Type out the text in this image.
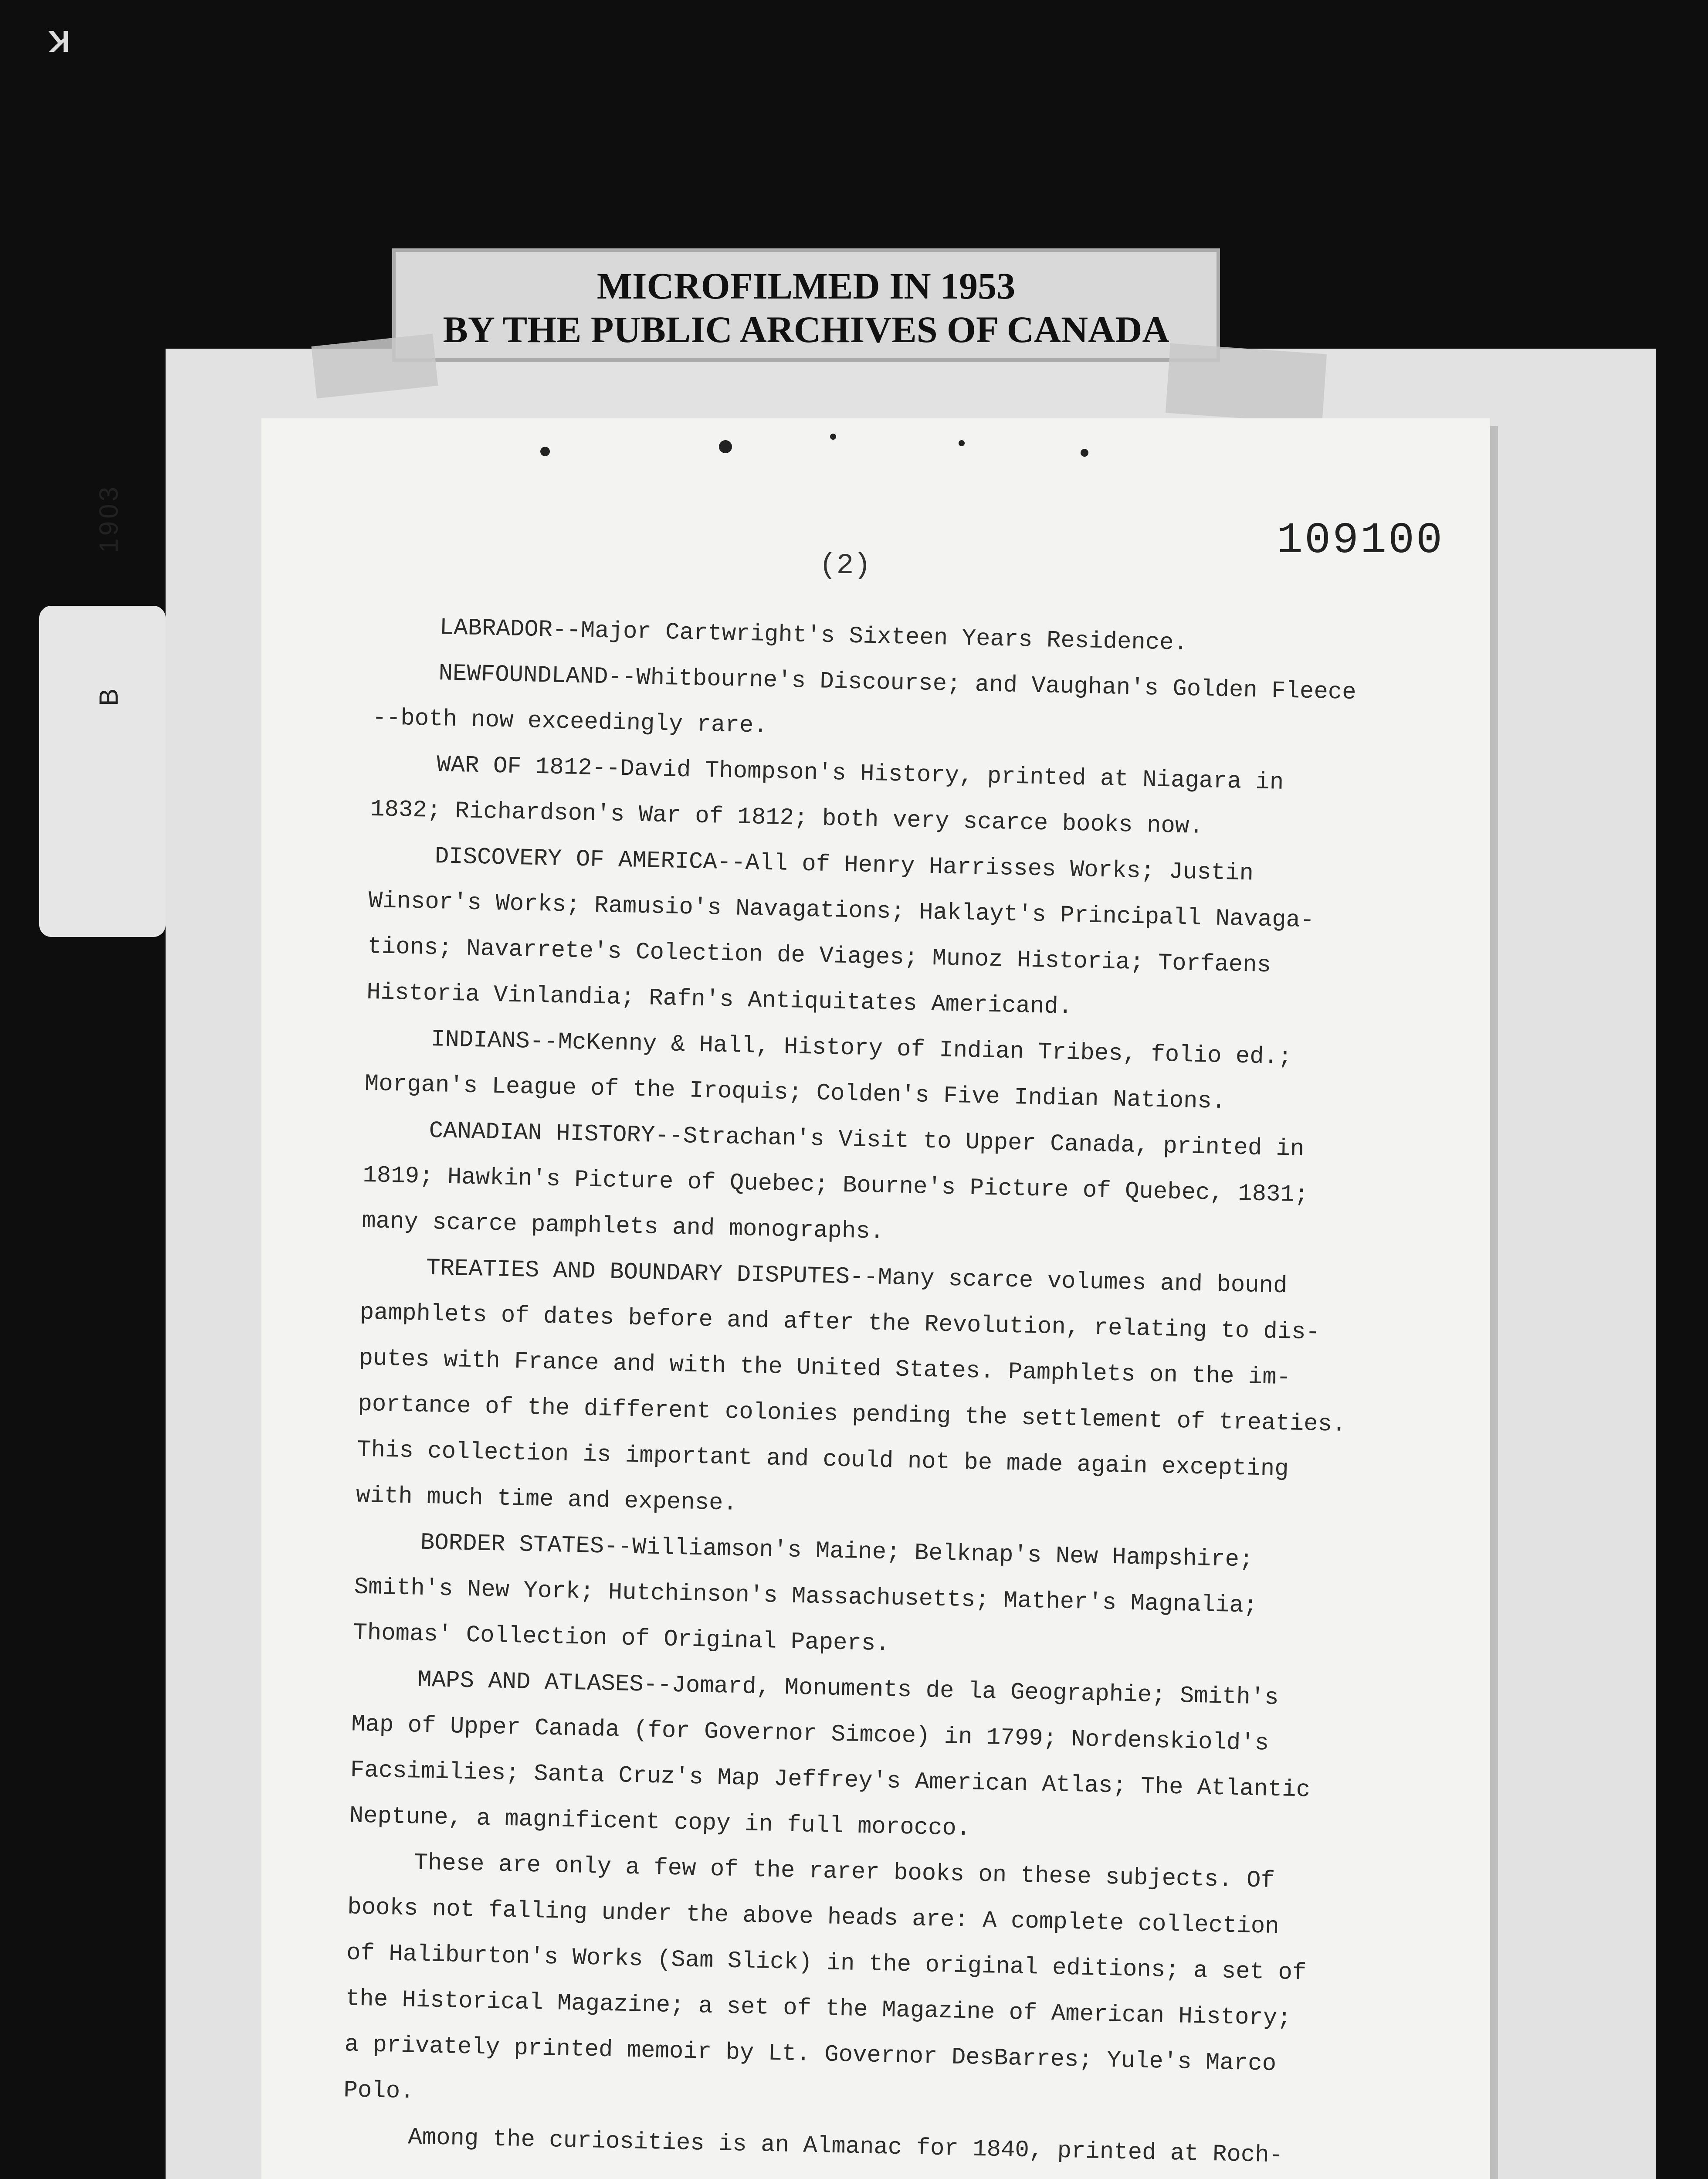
K
B  1903
MICROFILMED IN 1953
BY THE PUBLIC ARCHIVES OF CANADA
(2)	109100

LABRADOR--Major Cartwright's Sixteen Years Residence.

NEWFOUNDLAND--Whitbourne's Discourse; and Vaughan's Golden Fleece

--both now exceedingly rare.

WAR OF 1812--David Thompson's History, printed at Niagara in

1832; Richardson's War of 1812; both very scarce books now.

DISCOVERY OF AMERICA--All of Henry Harrisses Works; Justin

Winsor's Works; Ramusio's Navagations; Haklayt's Principall Navaga-

tions; Navarrete's Colection de Viages; Munoz Historia; Torfaens

Historia Vinlandia; Rafn's Antiquitates Americand.

INDIANS--McKenny & Hall, History of Indian Tribes, folio ed.;

Morgan's League of the Iroquis; Colden's Five Indian Nations.

CANADIAN HISTORY--Strachan's Visit to Upper Canada, printed in

1819; Hawkin's Picture of Quebec; Bourne's Picture of Quebec, 1831;

many scarce pamphlets and monographs.

TREATIES AND BOUNDARY DISPUTES--Many scarce volumes and bound

pamphlets of dates before and after the Revolution, relating to dis-

putes with France and with the United States. Pamphlets on the im-

portance of the different colonies pending the settlement of treaties.

This collection is important and could not be made again excepting

with much time and expense.

BORDER STATES--Williamson's Maine; Belknap's New Hampshire;

Smith's New York; Hutchinson's Massachusetts; Mather's Magnalia;

Thomas' Collection of Original Papers.

MAPS AND ATLASES--Jomard, Monuments de la Geographie; Smith's

Map of Upper Canada (for Governor Simcoe) in 1799; Nordenskiold's

Facsimilies; Santa Cruz's Map Jeffrey's American Atlas; The Atlantic

Neptune, a magnificent copy in full morocco.

These are only a few of the rarer books on these subjects. Of

books not falling under the above heads are: A complete collection

of Haliburton's Works (Sam Slick) in the original editions; a set of

the Historical Magazine; a set of the Magazine of American History;

a privately printed memoir by Lt. Governor DesBarres; Yule's Marco

Polo.

Among the curiosities is an Almanac for 1840, printed at Roch-
